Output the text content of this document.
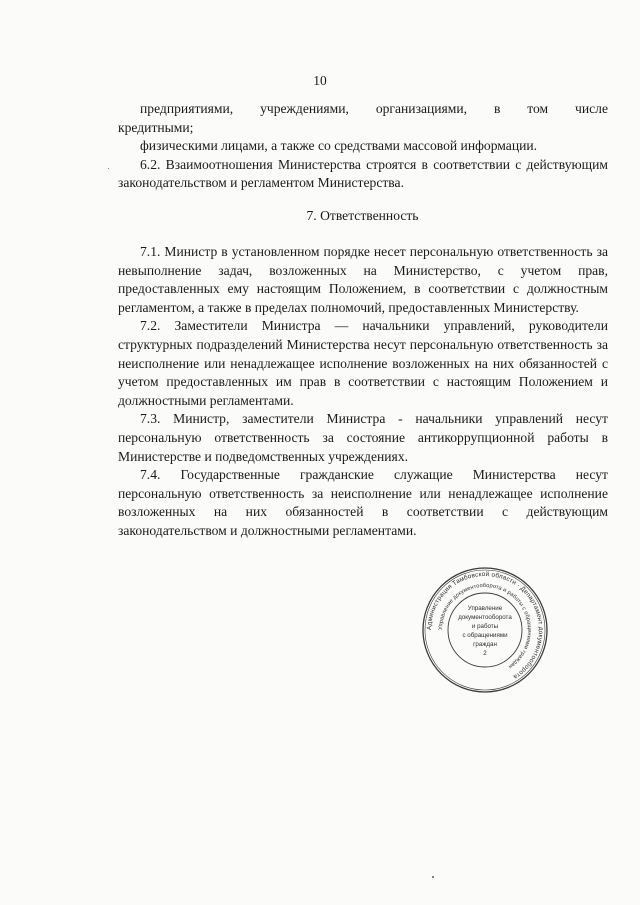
10

предприятиями, учреждениями, организациями, в том числе

кредитными;

физическими лицами, а также со средствами массовой информации.

6.2. Взаимоотношения Министерства строятся в соответствии с действующим законодательством и регламентом Министерства.

7. Ответственность

7.1. Министр в установленном порядке несет персональную ответственность за невыполнение задач, возложенных на Министерство, с учетом прав, предоставленных ему настоящим Положением, в соответствии с должностным регламентом, а также в пределах полномочий, предоставленных Министерству.

7.2. Заместители Министра — начальники управлений, руководители структурных подразделений Министерства несут персональную ответственность за неисполнение или ненадлежащее исполнение возложенных на них обязанностей с учетом предоставленных им прав в соответствии с настоящим Положением и должностными регламентами.

7.3. Министр, заместители Министра - начальники управлений несут персональную ответственность за состояние антикоррупционной работы в Министерстве и подведомственных учреждениях.

7.4. Государственные гражданские служащие Министерства несут персональную ответственность за неисполнение или ненадлежащее исполнение возложенных на них обязанностей в соответствии с действующим законодательством и должностными регламентами.

Администрация Тамбовской области · Департамент документооборота
Управление документооборота и работы с обращениями граждан
Управление
документооборота
и работы
с обращениями
граждан
2
